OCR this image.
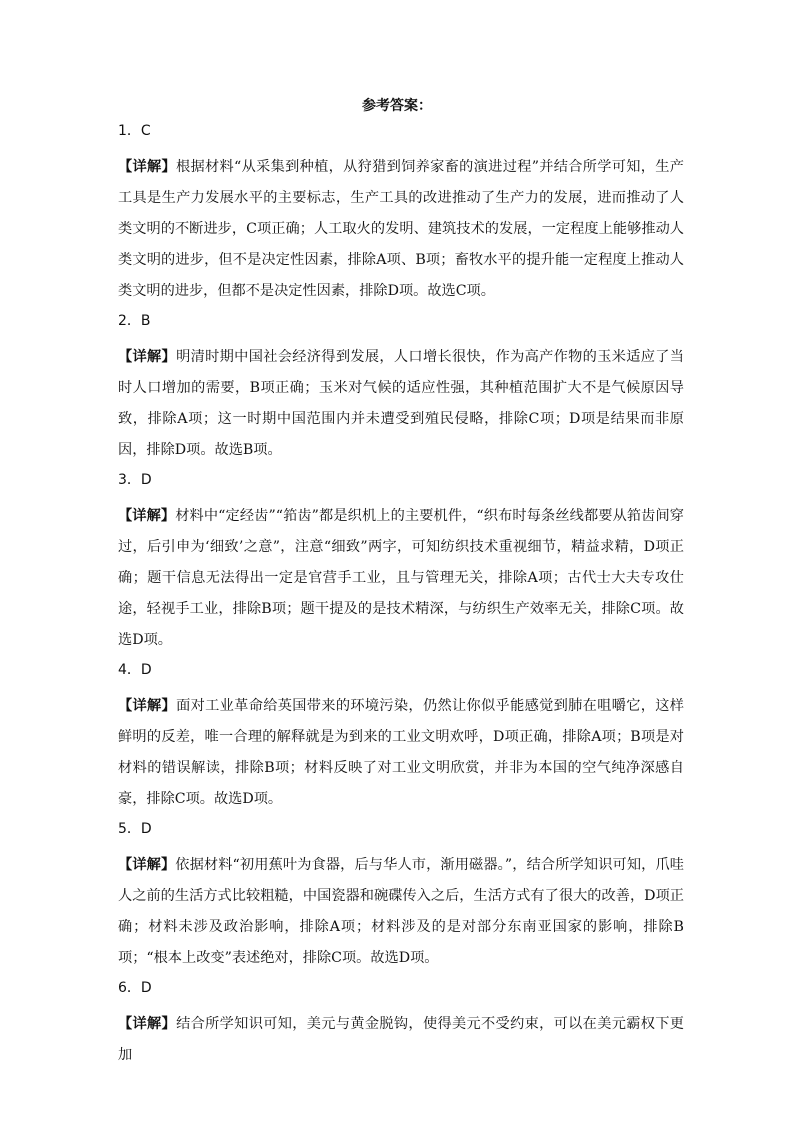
参考答案：
1．C

【详解】根据材料“从采集到种植，从狩猎到饲养家畜的演进过程”并结合所学可知，生产工具是生产力发展水平的主要标志，生产工具的改进推动了生产力的发展，进而推动了人类文明的不断进步，C项正确；人工取火的发明、建筑技术的发展，一定程度上能够推动人类文明的进步，但不是决定性因素，排除A项、B项；畜牧水平的提升能一定程度上推动人类文明的进步，但都不是决定性因素，排除D项。故选C项。

2．B

【详解】明清时期中国社会经济得到发展，人口增长很快，作为高产作物的玉米适应了当时人口增加的需要，B项正确；玉米对气候的适应性强，其种植范围扩大不是气候原因导致，排除A项；这一时期中国范围内并未遭受到殖民侵略，排除C项；D项是结果而非原因，排除D项。故选B项。

3．D

【详解】材料中“定经齿”“筘齿”都是织机上的主要机件，“织布时每条丝线都要从筘齿间穿过，后引申为‘细致’之意”，注意“细致”两字，可知纺织技术重视细节，精益求精，D项正确；题干信息无法得出一定是官营手工业，且与管理无关，排除A项；古代士大夫专攻仕途，轻视手工业，排除B项；题干提及的是技术精深，与纺织生产效率无关，排除C项。故选D项。

4．D

【详解】面对工业革命给英国带来的环境污染，仍然让你似乎能感觉到肺在咀嚼它，这样鲜明的反差，唯一合理的解释就是为到来的工业文明欢呼，D项正确，排除A项；B项是对材料的错误解读，排除B项；材料反映了对工业文明欣赏，并非为本国的空气纯净深感自豪，排除C项。故选D项。

5．D

【详解】依据材料“初用蕉叶为食器，后与华人市，渐用磁器。”，结合所学知识可知，爪哇人之前的生活方式比较粗糙，中国瓷器和碗碟传入之后，生活方式有了很大的改善，D项正确；材料未涉及政治影响，排除A项；材料涉及的是对部分东南亚国家的影响，排除B项；“根本上改变”表述绝对，排除C项。故选D项。

6．D

【详解】结合所学知识可知，美元与黄金脱钩，使得美元不受约束，可以在美元霸权下更加
